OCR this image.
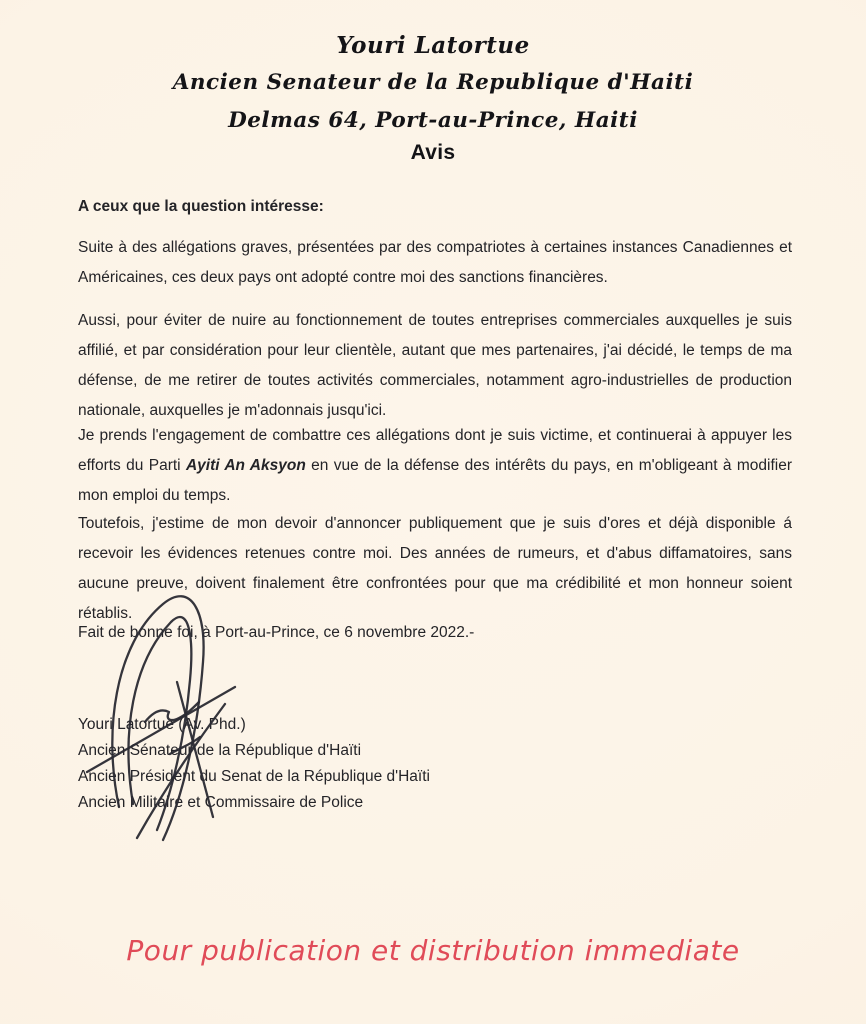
Youri Latortue
Ancien Senateur de la Republique d'Haiti
Delmas 64, Port-au-Prince, Haiti
Avis
A ceux que la question intéresse:
Suite à des allégations graves, présentées par des compatriotes à certaines instances Canadiennes et Américaines, ces deux pays ont adopté contre moi des sanctions financières.
Aussi, pour éviter de nuire au fonctionnement de toutes entreprises commerciales auxquelles je suis affilié, et par considération pour leur clientèle, autant que mes partenaires, j'ai décidé, le temps de ma défense, de me retirer de toutes activités commerciales, notamment agro-industrielles de production nationale, auxquelles je m'adonnais jusqu'ici.
Je prends l'engagement de combattre ces allégations dont je suis victime, et continuerai à appuyer les efforts du Parti Ayiti An Aksyon en vue de la défense des intérêts du pays, en m'obligeant à modifier mon emploi du temps.
Toutefois, j'estime de mon devoir d'annoncer publiquement que je suis d'ores et déjà disponible á recevoir les évidences retenues contre moi. Des années de rumeurs, et d'abus diffamatoires, sans aucune preuve, doivent finalement être confrontées pour que ma crédibilité et mon honneur soient rétablis.
Fait de bonne foi, à Port-au-Prince, ce 6 novembre 2022.-
Youri Latortue (Av. Phd.)
Ancien Sénateur de la République d'Haïti
Ancien Président du Senat de la République d'Haïti
Ancien Militaire et Commissaire de Police
Pour publication et distribution immediate
